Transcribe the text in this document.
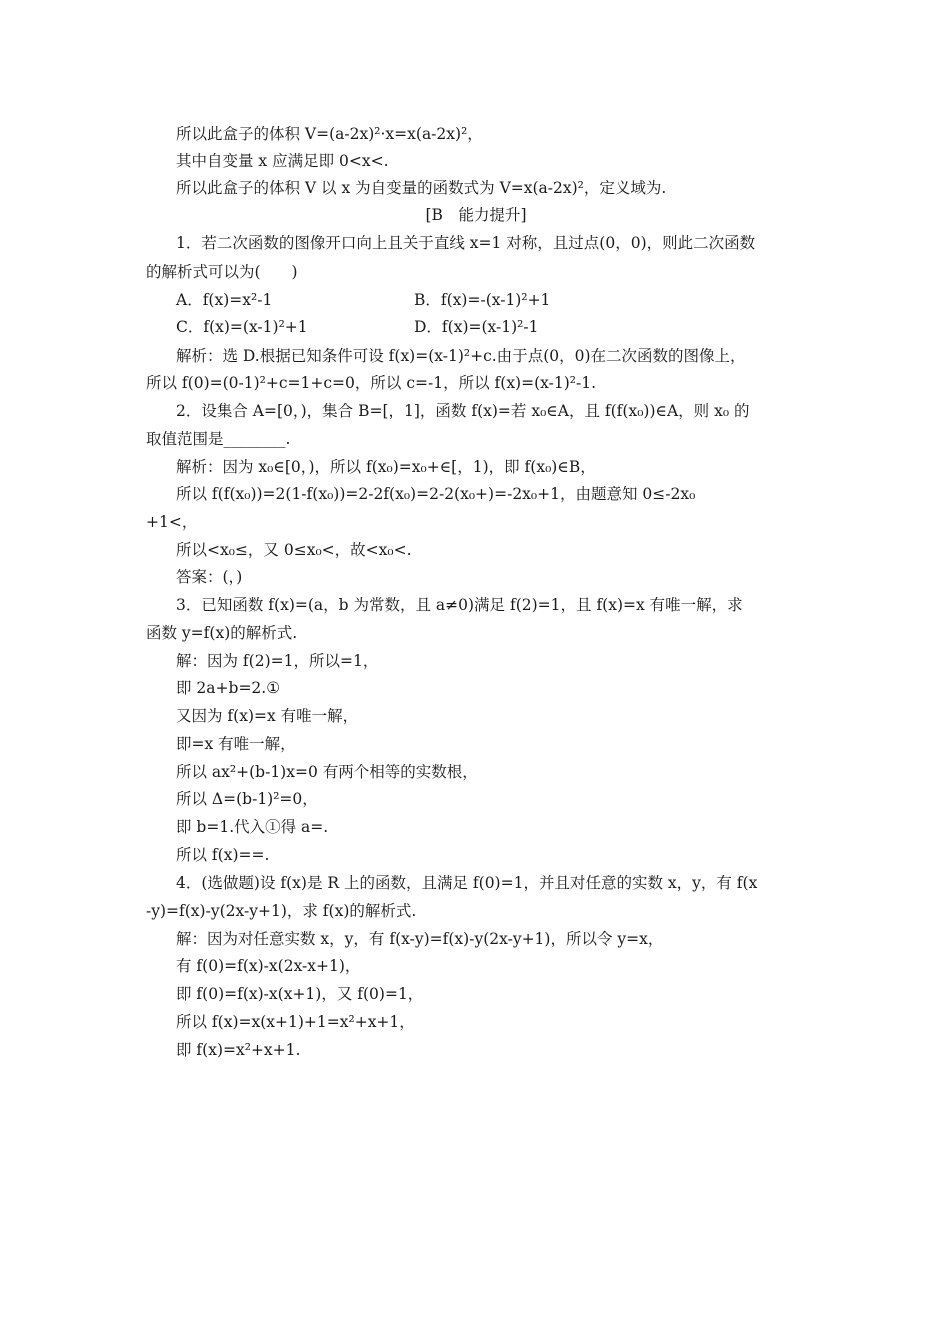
所以此盒子的体积 V=(a-2x)²·x=x(a-2x)²，
其中自变量 x 应满足即 0<x<.
所以此盒子的体积 V 以 x 为自变量的函数式为 V=x(a-2x)²，定义域为.
[B　能力提升]
1．若二次函数的图像开口向上且关于直线 x=1 对称，且过点(0，0)，则此二次函数
的解析式可以为(　　)
A．f(x)=x²-1	B．f(x)=-(x-1)²+1
C．f(x)=(x-1)²+1	D．f(x)=(x-1)²-1
解析：选 D.根据已知条件可设 f(x)=(x-1)²+c.由于点(0，0)在二次函数的图像上，
所以 f(0)=(0-1)²+c=1+c=0，所以 c=-1，所以 f(x)=(x-1)²-1.
2．设集合 A=[0，)，集合 B=[，1]，函数 f(x)=若 x₀∈A，且 f(f(x₀))∈A，则 x₀ 的
取值范围是________.
解析：因为 x₀∈[0，)，所以 f(x₀)=x₀+∈[，1)，即 f(x₀)∈B，
所以 f(f(x₀))=2(1-f(x₀))=2-2f(x₀)=2-2(x₀+)=-2x₀+1，由题意知 0≤-2x₀
+1<，
所以<x₀≤，又 0≤x₀<，故<x₀<.
答案：(，)
3．已知函数 f(x)=(a，b 为常数，且 a≠0)满足 f(2)=1，且 f(x)=x 有唯一解，求
函数 y=f(x)的解析式.
解：因为 f(2)=1，所以=1，
即 2a+b=2.①
又因为 f(x)=x 有唯一解，
即=x 有唯一解，
所以 ax²+(b-1)x=0 有两个相等的实数根，
所以 Δ=(b-1)²=0，
即 b=1.代入①得 a=.
所以 f(x)==.
4．(选做题)设 f(x)是 R 上的函数，且满足 f(0)=1，并且对任意的实数 x，y，有 f(x
-y)=f(x)-y(2x-y+1)，求 f(x)的解析式.
解：因为对任意实数 x，y，有 f(x-y)=f(x)-y(2x-y+1)，所以令 y=x，
有 f(0)=f(x)-x(2x-x+1)，
即 f(0)=f(x)-x(x+1)，又 f(0)=1，
所以 f(x)=x(x+1)+1=x²+x+1，
即 f(x)=x²+x+1.
